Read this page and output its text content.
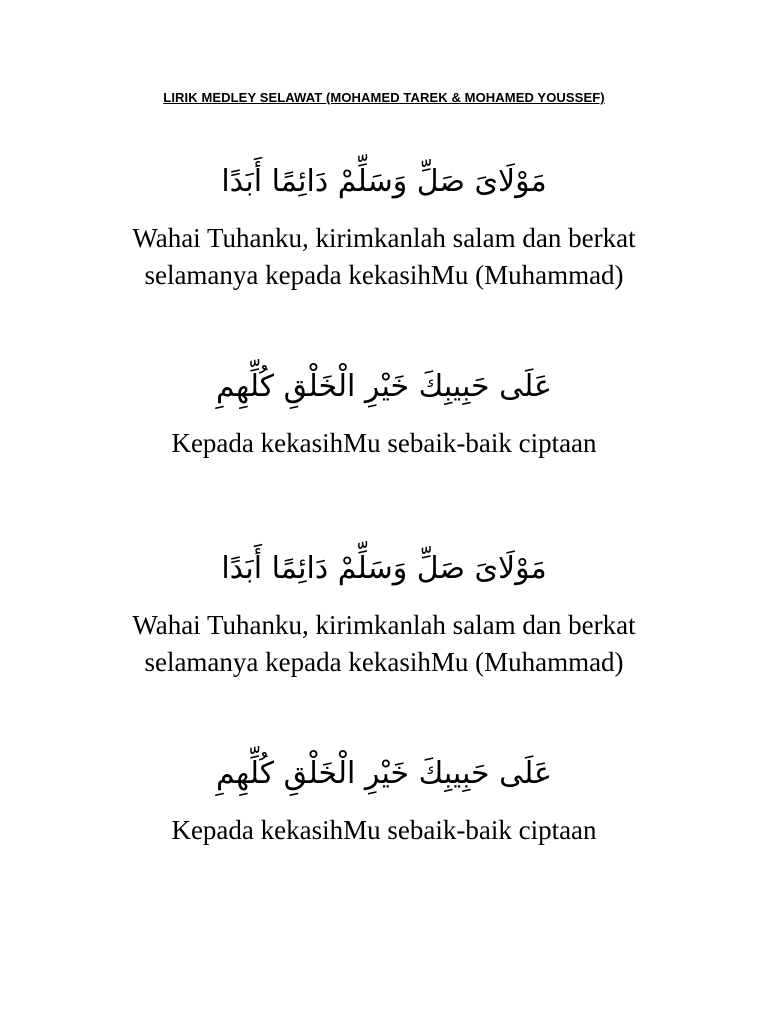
LIRIK MEDLEY SELAWAT (MOHAMED TAREK & MOHAMED YOUSSEF)
مَوْلَایَ صَلِّ وَسَلِّمْ دَائِمًا أَبَدًا
Wahai Tuhanku, kirimkanlah salam dan berkat
selamanya kepada kekasihMu (Muhammad)
عَلَى حَبِيبِكَ خَيْرِ الْخَلْقِ كُلِّهِمِ
Kepada kekasihMu sebaik-baik ciptaan
مَوْلَایَ صَلِّ وَسَلِّمْ دَائِمًا أَبَدًا
Wahai Tuhanku, kirimkanlah salam dan berkat
selamanya kepada kekasihMu (Muhammad)
عَلَى حَبِيبِكَ خَيْرِ الْخَلْقِ كُلِّهِمِ
Kepada kekasihMu sebaik-baik ciptaan
